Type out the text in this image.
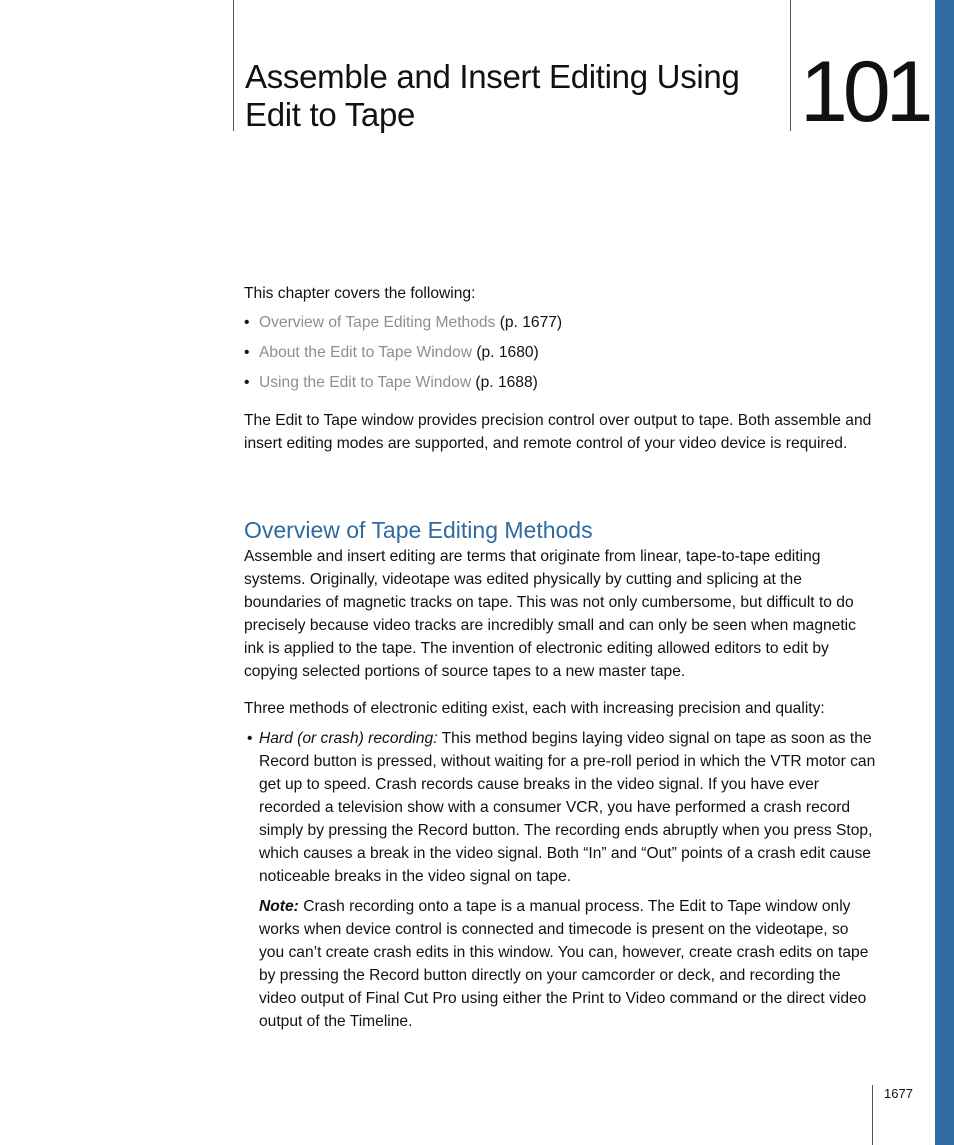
Assemble and Insert Editing Using
Edit to Tape	101

This chapter covers the following:

• Overview of Tape Editing Methods (p. 1677)
• About the Edit to Tape Window (p. 1680)
• Using the Edit to Tape Window (p. 1688)

The Edit to Tape window provides precision control over output to tape. Both assemble and insert editing modes are supported, and remote control of your video device is required.

Overview of Tape Editing Methods

Assemble and insert editing are terms that originate from linear, tape-to-tape editing systems. Originally, videotape was edited physically by cutting and splicing at the boundaries of magnetic tracks on tape. This was not only cumbersome, but difficult to do precisely because video tracks are incredibly small and can only be seen when magnetic ink is applied to the tape. The invention of electronic editing allowed editors to edit by copying selected portions of source tapes to a new master tape.

Three methods of electronic editing exist, each with increasing precision and quality:

• Hard (or crash) recording: This method begins laying video signal on tape as soon as the Record button is pressed, without waiting for a pre-roll period in which the VTR motor can get up to speed. Crash records cause breaks in the video signal. If you have ever recorded a television show with a consumer VCR, you have performed a crash record simply by pressing the Record button. The recording ends abruptly when you press Stop, which causes a break in the video signal. Both “In” and “Out” points of a crash edit cause noticeable breaks in the video signal on tape.
Note: Crash recording onto a tape is a manual process. The Edit to Tape window only works when device control is connected and timecode is present on the videotape, so you can’t create crash edits in this window. You can, however, create crash edits on tape by pressing the Record button directly on your camcorder or deck, and recording the video output of Final Cut Pro using either the Print to Video command or the direct video output of the Timeline.
1677
